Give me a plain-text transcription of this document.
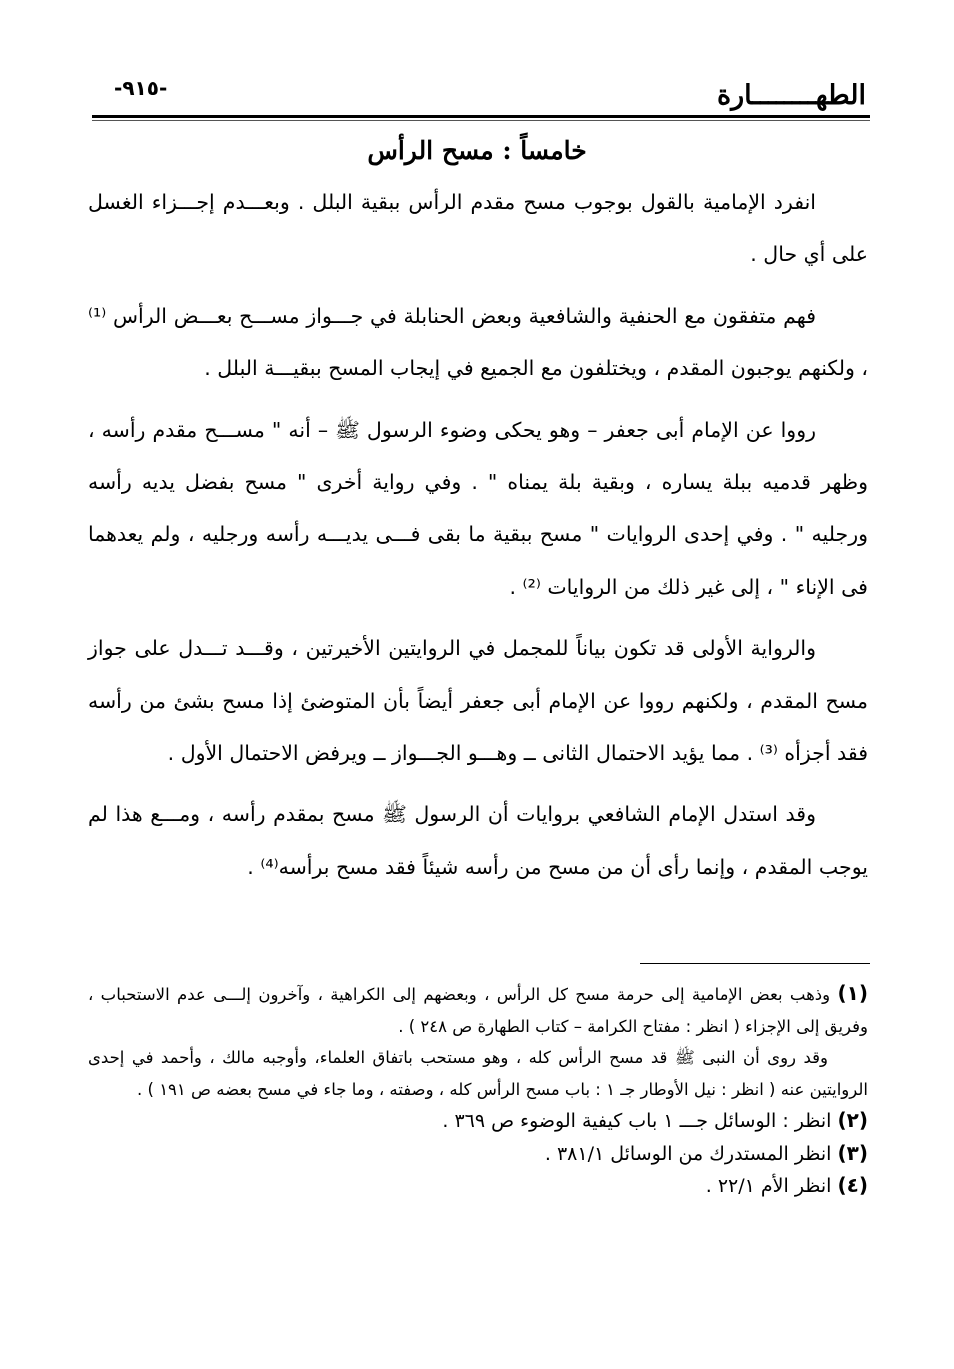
الطهــــــــارة
-٩١٥-
خامساً : مسح الرأس

انفرد الإمامية بالقول بوجوب مسح مقدم الرأس ببقية البلل . وبعـــدم إجـــزاء الغسل على أي حال .

فهم متفقون مع الحنفية والشافعية وبعض الحنابلة في جـــواز مســـح بعـــض الرأس ⁽¹⁾ ، ولكنهم يوجبون المقدم ، ويختلفون مع الجميع في إيجاب المسح ببقيـــة البلل .

رووا عن الإمام أبى جعفر – وهو يحكى وضوء الرسول ﷺ – أنه " مســـح مقدم رأسه ، وظهر قدميه ببلة يساره ، وبقية بلة يمناه " . وفي رواية أخرى " مسح بفضل يديه رأسه ورجليه " . وفي إحدى الروايات " مسح ببقية ما بقى فـــى يديـــه رأسه ورجليه ، ولم يعدهما فى الإناء " ، إلى غير ذلك من الروايات ⁽²⁾ .

والرواية الأولى قد تكون بياناً للمجمل في الروايتين الأخيرتين ، وقـــد تـــدل على جواز مسح المقدم ، ولكنهم رووا عن الإمام أبى جعفر أيضاً بأن المتوضئ إذا مسح بشئ من رأسه فقد أجزأه ⁽³⁾ . مما يؤيد الاحتمال الثانى ــ وهـــو الجـــواز ــ ويرفض الاحتمال الأول .

وقد استدل الإمام الشافعي بروايات أن الرسول ﷺ مسح بمقدم رأسه ، ومـــع هذا لم يوجب المقدم ، وإنما رأى أن من مسح من رأسه شيئاً فقد مسح برأسه⁽⁴⁾ .

(١) وذهب بعض الإمامية إلى حرمة مسح كل الرأس ، وبعضهم إلى الكراهية ، وآخرون إلـــى عدم الاستحباب ، وفريق إلى الإجزاء ( انظر : مفتاح الكرامة – كتاب الطهارة ص ٢٤٨ ) .

وقد روى أن النبى ﷺ قد مسح الرأس كله ، وهو مستحب باتفاق العلماء، وأوجبه مالك ، وأحمد في إحدى الروايتين عنه ( انظر : نيل الأوطار جـ ١ : باب مسح الرأس كله ، وصفته ، وما جاء في مسح بعضه ص ١٩١ ) .

(٢) انظر : الوسائل جـــ ١ باب كيفية الوضوء ص ٣٦٩ .

(٣) انظر المستدرك من الوسائل ٣٨١/١ .

(٤) انظر الأم ٢٢/١ .
